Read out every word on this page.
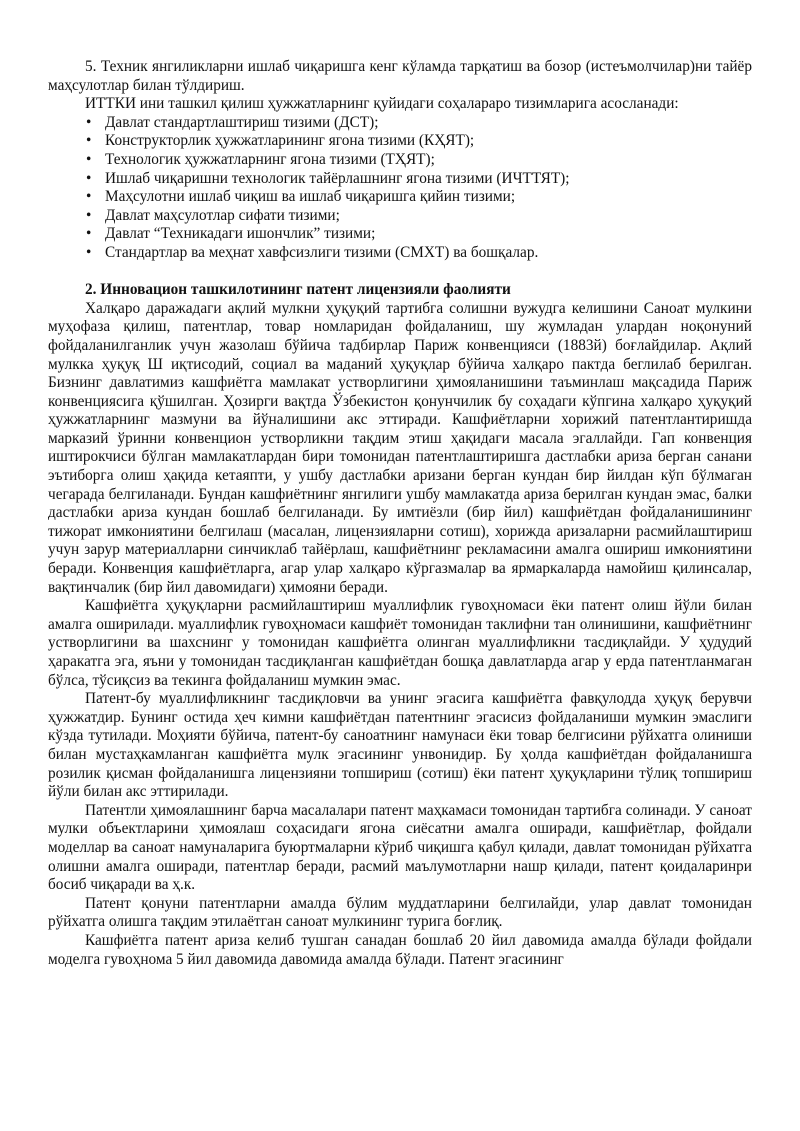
5. Техник янгиликларни ишлаб чиқаришга кенг кўламда тарқатиш ва бозор (истеъмолчилар)ни тайёр маҳсулотлар билан тўлдириш.

ИТТКИ ини ташкил қилиш ҳужжатларнинг қуйидаги соҳалараро тизимларига асосланади:

• Давлат стандартлаштириш тизими (ДСТ);
• Конструкторлик ҳужжатларининг ягона тизими (КҲЯТ);
• Технологик ҳужжатларнинг ягона тизими (ТҲЯТ);
• Ишлаб чиқаришни технологик тайёрлашнинг ягона тизими (ИЧТТЯТ);
• Маҳсулотни ишлаб чиқиш ва ишлаб чиқаришга қийин тизими;
• Давлат маҳсулотлар сифати тизими;
• Давлат “Техникадаги ишончлик” тизими;
• Стандартлар ва меҳнат хавфсизлиги тизими (СМХТ) ва бошқалар.
2. Инновацион ташкилотининг патент лицензияли фаолияти

Халқаро даражадаги ақлий мулкни ҳуқуқий тартибга солишни вужудга келишини Саноат мулкини муҳофаза қилиш, патентлар, товар номларидан фойдаланиш, шу жумладан улардан ноқонуний фойдаланилганлик учун жазолаш бўйича тадбирлар Париж конвенцияси (1883й) боғлайдилар. Ақлий мулкка ҳуқуқ Ш иқтисодий, социал ва маданий ҳуқуқлар бўйича халқаро пактда беглилаб берилган. Бизнинг давлатимиз кашфиётга мамлакат устворлигини ҳимояланишини таъминлаш мақсадида Париж конвенциясига қўшилган. Ҳозирги вақтда Ўзбекистон қонунчилик бу соҳадаги кўпгина халқаро ҳуқуқий ҳужжатларнинг мазмуни ва йўналишини акс эттиради. Кашфиётларни хорижий патентлантиришда марказий ўринни конвенцион устворликни тақдим этиш ҳақидаги масала эгаллайди. Гап конвенция иштирокчиси бўлган мамлакатлардан бири томонидан патентлаштиришга дастлабки ариза берган санани эътиборга олиш ҳақида кетаяпти, у ушбу дастлабки аризани берган кундан бир йилдан кўп бўлмаган чегарада белгиланади. Бундан кашфиётнинг янгилиги ушбу мамлакатда ариза берилган кундан эмас, балки дастлабки ариза кундан бошлаб белгиланади. Бу имтиёзли (бир йил) кашфиётдан фойдаланишининг тижорат имкониятини белгилаш (масалан, лицензияларни сотиш), хорижда аризаларни расмийлаштириш учун зарур материалларни синчиклаб тайёрлаш, кашфиётнинг рекламасини амалга ошириш имкониятини беради. Конвенция кашфиётларга, агар улар халқаро кўргазмалар ва ярмаркаларда намойиш қилинсалар, вақтинчалик (бир йил давомидаги) ҳимояни беради.

Кашфиётга ҳуқуқларни расмийлаштириш муаллифлик гувоҳномаси ёки патент олиш йўли билан амалга оширилади. муаллифлик гувоҳномаси кашфиёт томонидан таклифни тан олинишини, кашфиётнинг устворлигини ва шахснинг у томонидан кашфиётга олинган муаллифликни тасдиқлайди. У ҳудудий ҳаракатга эга, яъни у томонидан тасдиқланган кашфиётдан бошқа давлатларда агар у ерда патентланмаган бўлса, тўсиқсиз ва текинга фойдаланиш мумкин эмас.

Патент-бу муаллифликнинг тасдиқловчи ва унинг эгасига кашфиётга фавқулодда ҳуқуқ берувчи ҳужжатдир. Бунинг остида ҳеч кимни кашфиётдан патентнинг эгасисиз фойдаланиши мумкин эмаслиги кўзда тутилади. Моҳияти бўйича, патент-бу саноатнинг намунаси ёки товар белгисини рўйхатга олиниши билан мустаҳкамланган кашфиётга мулк эгасининг унвонидир. Бу ҳолда кашфиётдан фойдаланишга розилик қисман фойдаланишга лицензияни топшириш (сотиш) ёки патент ҳуқуқларини тўлиқ топшириш йўли билан акс эттирилади.

Патентли ҳимоялашнинг барча масалалари патент маҳкамаси томонидан тартибга солинади. У саноат мулки объектларини ҳимоялаш соҳасидаги ягона сиёсатни амалга оширади, кашфиётлар, фойдали моделлар ва саноат намуналарига буюртмаларни кўриб чиқишга қабул қилади, давлат томонидан рўйхатга олишни амалга оширади, патентлар беради, расмий маълумотларни нашр қилади, патент қоидаларинри босиб чиқаради ва ҳ.к.

Патент қонуни патентларни амалда бўлим муддатларини белгилайди, улар давлат томонидан рўйхатга олишга тақдим этилаётган саноат мулкининг турига боғлиқ.

Кашфиётга патент ариза келиб тушган санадан бошлаб 20 йил давомида амалда бўлади фойдали моделга гувоҳнома 5 йил давомида давомида амалда бўлади. Патент эгасининг
